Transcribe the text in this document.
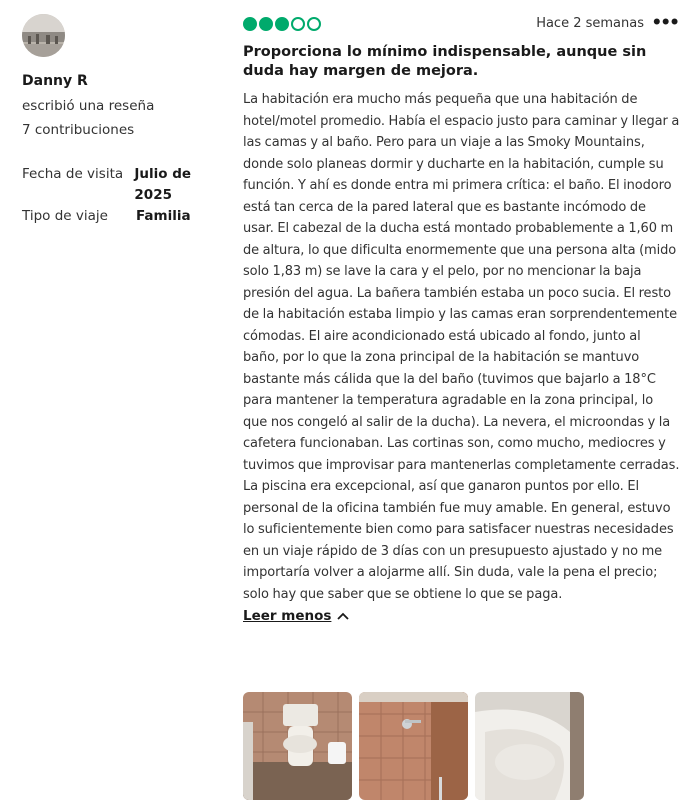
Danny R
escribió una reseña
7 contribuciones
Fecha de visita Julio de 2025
Tipo de viaje	Familia
Hace 2 semanas •••
Proporciona lo mínimo indispensable, aunque sin duda hay margen de mejora.
La habitación era mucho más pequeña que una habitación de hotel/motel promedio. Había el espacio justo para caminar y llegar a las camas y al baño. Pero para un viaje a las Smoky Mountains, donde solo planeas dormir y ducharte en la habitación, cumple su función. Y ahí es donde entra mi primera crítica: el baño. El inodoro está tan cerca de la pared lateral que es bastante incómodo de usar. El cabezal de la ducha está montado probablemente a 1,60 m de altura, lo que dificulta enormemente que una persona alta (mido solo 1,83 m) se lave la cara y el pelo, por no mencionar la baja presión del agua. La bañera también estaba un poco sucia. El resto de la habitación estaba limpio y las camas eran sorprendentemente cómodas. El aire acondicionado está ubicado al fondo, junto al baño, por lo que la zona principal de la habitación se mantuvo bastante más cálida que la del baño (tuvimos que bajarlo a 18°C para mantener la temperatura agradable en la zona principal, lo que nos congeló al salir de la ducha). La nevera, el microondas y la cafetera funcionaban. Las cortinas son, como mucho, mediocres y tuvimos que improvisar para mantenerlas completamente cerradas. La piscina era excepcional, así que ganaron puntos por ello. El personal de la oficina también fue muy amable. En general, estuvo lo suficientemente bien como para satisfacer nuestras necesidades en un viaje rápido de 3 días con un presupuesto ajustado y no me importaría volver a alojarme allí. Sin duda, vale la pena el precio; solo hay que saber que se obtiene lo que se paga.
Leer menos
